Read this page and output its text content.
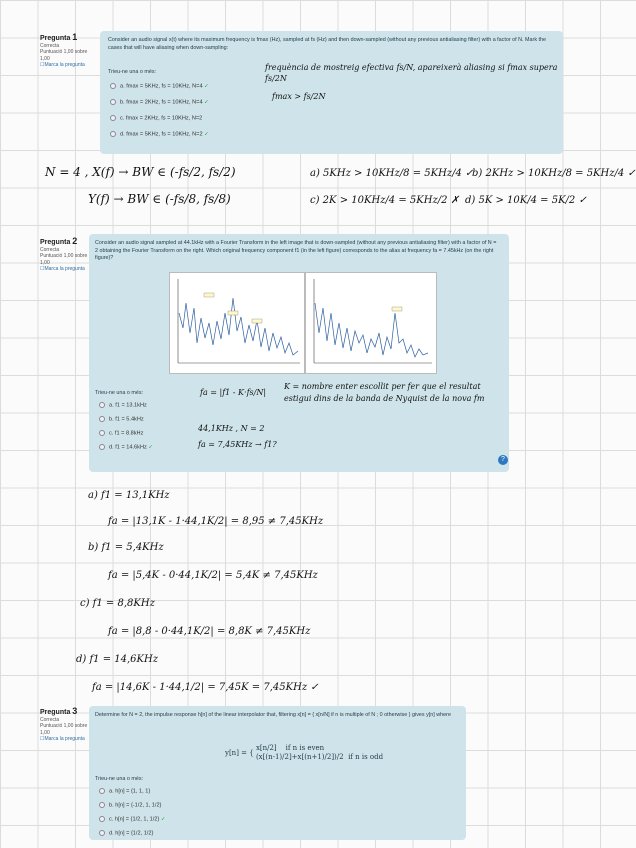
Pregunta 1
Correcta
Puntuació 1,00 sobre 1,00
☐ Marca la pregunta
Consider an audio signal x(t) where its maximum frequency is fmax (Hz), sampled at fs (Hz) and then down-sampled (without any previous antialiasing filter) with a factor of N. Mark the cases that will have aliasing when down-sampling:
Trieu-ne una o més:
a. fmax = 5KHz, fs = 10KHz, N=4 ✓
b. fmax = 2KHz, fs = 10KHz, N=4 ✓
c. fmax = 2KHz, fs = 10KHz, N=2
d. fmax = 5KHz, fs = 10KHz, N=2 ✓
frequència de mostreig efectiva fs/N, apareixerà aliasing si fmax supera fs/2N
fmax > fs/2N
N = 4 , X(f) → BW ∈ (-fs/2, fs/2)
Y(f) → BW ∈ (-fs/8, fs/8)
a) 5KHz > 10KHz/8 = 5KHz/4 ✓
b) 2KHz > 10KHz/8 = 5KHz/4 ✓
c) 2K > 10KHz/4 = 5KHz/2 ✗ d) 5K > 10K/4 = 5K/2 ✓
Pregunta 2
Correcta
Puntuació 1,00 sobre 1,00
☐ Marca la pregunta
Consider an audio signal sampled at 44.1kHz with a Fourier Transform in the left image that is down-sampled (without any previous antialiasing filter) with a factor of N = 2 obtaining the Fourier Transform on the right. Which original frequency component f1 (in the left figure) corresponds to the alias at frequency fa = 7.45kHz (on the right figure)?
Trieu-ne una o més:
a. f1 = 13.1kHz
b. f1 = 5.4kHz
c. f1 = 8.8kHz
d. f1 = 14.6kHz ✓
?
fa = |f1 - K·fs/N|
K = nombre enter escollit per fer que el resultat estigui dins de la banda de Nyquist de la nova fm
44,1KHz , N = 2
fa = 7,45KHz → f1?
a) f1 = 13,1KHz
fa = |13,1K - 1·44,1K/2| = 8,95 ≠ 7,45KHz
b) f1 = 5,4KHz
fa = |5,4K - 0·44,1K/2| = 5,4K ≠ 7,45KHz
c) f1 = 8,8KHz
fa = |8,8 - 0·44,1K/2| = 8,8K ≠ 7,45KHz
d) f1 = 14,6KHz
fa = |14,6K - 1·44,1/2| = 7,45K = 7,45KHz ✓
Pregunta 3
Correcta
Puntuació 1,00 sobre 1,00
☐ Marca la pregunta
Determine for N = 2, the impulse response h[n] of the linear interpolator that, filtering x[n] = { x[n/N] if n is multiple of N ; 0 otherwise } gives y[n] where
y[n] = { x[n/2]    if n is even
(x[(n-1)/2]+x[(n+1)/2])/2  if n is odd
Trieu-ne una o més:
a. h[n] = {1, 1, 1}
b. h[n] = {-1/2, 1, 1/2}
c. h[n] = {1/2, 1, 1/2} ✓
d. h[n] = {1/2, 1/2}
